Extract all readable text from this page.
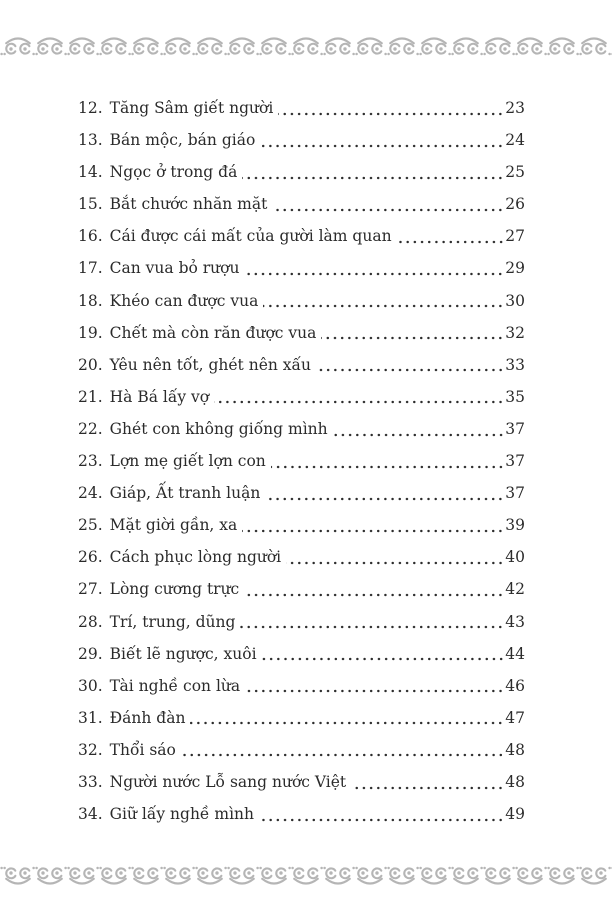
12. Tăng Sâm giết người	23
13. Bán mộc, bán giáo	24
14. Ngọc ở trong đá	25
15. Bắt chước nhăn mặt	26
16. Cái được cái mất của gười làm quan	27
17. Can vua bỏ rượu	29
18. Khéo can được vua	30
19. Chết mà còn răn được vua	32
20. Yêu nên tốt, ghét nên xấu	33
21. Hà Bá lấy vợ	35
22. Ghét con không giống mình	37
23. Lợn mẹ giết lợn con	37
24. Giáp, Ất tranh luận	37
25. Mặt giời gần, xa	39
26. Cách phục lòng người	40
27. Lòng cương trực	42
28. Trí, trung, dũng	43
29. Biết lẽ ngược, xuôi	44
30. Tài nghề con lừa	46
31. Đánh đàn	47
32. Thổi sáo	48
33. Người nước Lỗ sang nước Việt	48
34. Giữ lấy nghề mình	49
